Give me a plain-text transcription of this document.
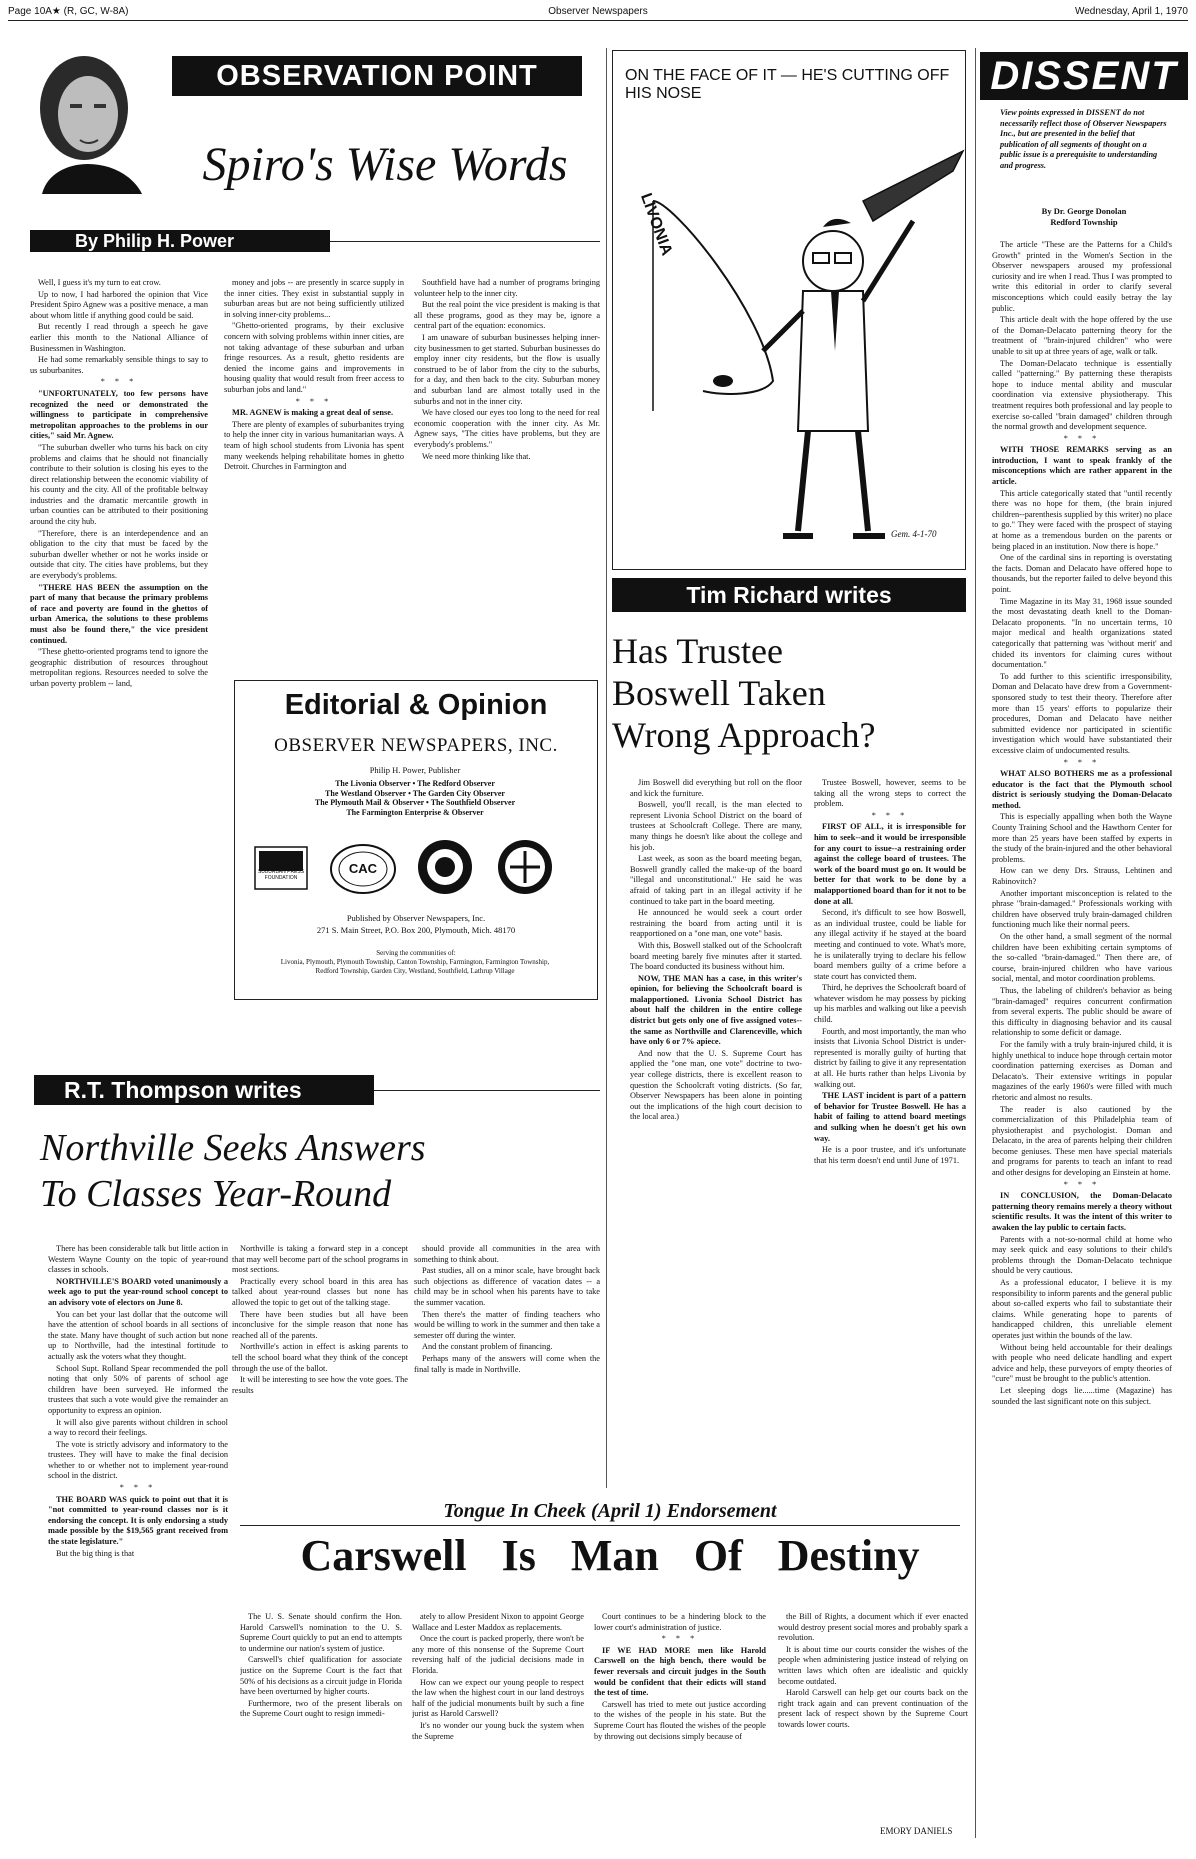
Page 10A★ (R, GC, W-8A)	Observer Newspapers	Wednesday, April 1, 1970
OBSERVATION POINT
Spiro's Wise Words
By Philip H. Power

Well, I guess it's my turn to eat crow.

Up to now, I had harbored the opinion that Vice President Spiro Agnew was a positive menace, a man about whom little if anything good could be said.

But recently I read through a speech he gave earlier this month to the National Alliance of Businessmen in Washington.

He had some remarkably sensible things to say to us suburbanites.

* * *

"UNFORTUNATELY, too few persons have recognized the need or demonstrated the willingness to participate in comprehensive metropolitan approaches to the problems in our cities," said Mr. Agnew.

"The suburban dweller who turns his back on city problems and claims that he should not financially contribute to their solution is closing his eyes to the direct relationship between the economic viability of his county and the city. All of the profitable beltway industries and the dramatic mercantile growth in urban counties can be attributed to their positioning around the city hub.

"Therefore, there is an interdependence and an obligation to the city that must be faced by the suburban dweller whether or not he works inside or outside that city. The cities have problems, but they are everybody's problems.

"THERE HAS BEEN the assumption on the part of many that because the primary problems of race and poverty are found in the ghettos of urban America, the solutions to these problems must also be found there," the vice president continued.

"These ghetto-oriented programs tend to ignore the geographic distribution of resources throughout metropolitan regions. Resources needed to solve the urban poverty problem -- land,

money and jobs -- are presently in scarce supply in the inner cities. They exist in substantial supply in suburban areas but are not being sufficiently utilized in solving inner-city problems...

"Ghetto-oriented programs, by their exclusive concern with solving problems within inner cities, are not taking advantage of these suburban and urban fringe resources. As a result, ghetto residents are denied the income gains and improvements in housing quality that would result from freer access to suburban jobs and land."

* * *

MR. AGNEW is making a great deal of sense.

There are plenty of examples of suburbanites trying to help the inner city in various humanitarian ways. A team of high school students from Livonia has spent many weekends helping rehabilitate homes in ghetto Detroit. Churches in Farmington and

Southfield have had a number of programs bringing volunteer help to the inner city.

But the real point the vice president is making is that all these programs, good as they may be, ignore a central part of the equation: economics.

I am unaware of suburban businesses helping inner-city businessmen to get started. Suburban businesses do employ inner city residents, but the flow is usually construed to be of labor from the city to the suburbs, for a day, and then back to the city. Suburban money and suburban land are almost totally used in the suburbs and not in the inner city.

We have closed our eyes too long to the need for real economic cooperation with the inner city. As Mr. Agnew says, "The cities have problems, but they are everybody's problems."

We need more thinking like that.

Editorial & Opinion
OBSERVER NEWSPAPERS, INC.
Philip H. Power, Publisher
The Livonia Observer • The Redford Observer
The Westland Observer • The Garden City Observer
The Plymouth Mail & Observer • The Southfield Observer
The Farmington Enterprise & Observer
SUBURBAN PRESS FOUNDATION
CAC
Published by Observer Newspapers, Inc.
271 S. Main Street, P.O. Box 200, Plymouth, Mich. 48170
Serving the communities of:
Livonia, Plymouth, Plymouth Township, Canton Township, Farmington, Farmington Township, Redford Township, Garden City, Westland, Southfield, Lathrup Village
ON THE FACE OF IT — HE'S CUTTING OFF HIS NOSE
LIVONIA
Gem. 4-1-70
Tim Richard writes
Has Trustee
Boswell Taken
Wrong Approach?

Jim Boswell did everything but roll on the floor and kick the furniture.

Boswell, you'll recall, is the man elected to represent Livonia School District on the board of trustees at Schoolcraft College. There are many, many things he doesn't like about the college and his job.

Last week, as soon as the board meeting began, Boswell grandly called the make-up of the board "illegal and unconstitutional." He said he was afraid of taking part in an illegal activity if he continued to take part in the board meeting.

He announced he would seek a court order restraining the board from acting until it is reapportioned on a "one man, one vote" basis.

With this, Boswell stalked out of the Schoolcraft board meeting barely five minutes after it started. The board conducted its business without him.

NOW, THE MAN has a case, in this writer's opinion, for believing the Schoolcraft board is malapportioned. Livonia School District has about half the children in the entire college district but gets only one of five assigned votes--the same as Northville and Clarenceville, which have only 6 or 7% apiece.

And now that the U. S. Supreme Court has applied the "one man, one vote" doctrine to two-year college districts, there is excellent reason to question the Schoolcraft voting districts. (So far, Observer Newspapers has been alone in pointing out the implications of the high court decision to the local area.)

Trustee Boswell, however, seems to be taking all the wrong steps to correct the problem.

* * *

FIRST OF ALL, it is irresponsible for him to seek--and it would be irresponsible for any court to issue--a restraining order against the college board of trustees. The work of the board must go on. It would be better for that work to be done by a malapportioned board than for it not to be done at all.

Second, it's difficult to see how Boswell, as an individual trustee, could be liable for any illegal activity if he stayed at the board meeting and continued to vote. What's more, he is unilaterally trying to declare his fellow board members guilty of a crime before a state court has convicted them.

Third, he deprives the Schoolcraft board of whatever wisdom he may possess by picking up his marbles and walking out like a peevish child.

Fourth, and most importantly, the man who insists that Livonia School District is under-represented is morally guilty of hurting that district by failing to give it any representation at all. He hurts rather than helps Livonia by walking out.

THE LAST incident is part of a pattern of behavior for Trustee Boswell. He has a habit of failing to attend board meetings and sulking when he doesn't get his own way.

He is a poor trustee, and it's unfortunate that his term doesn't end until June of 1971.

DISSENT
View points expressed in DISSENT do not necessarily reflect those of Observer Newspapers Inc., but are presented in the belief that publication of all segments of thought on a public issue is a prerequisite to understanding and progress.
By Dr. George Donolan
Redford Township

The article "These are the Patterns for a Child's Growth" printed in the Women's Section in the Observer newspapers aroused my professional curiosity and ire when I read. Thus I was prompted to write this editorial in order to clarify several misconceptions which could easily betray the lay public.

This article dealt with the hope offered by the use of the Doman-Delacato patterning theory for the treatment of "brain-injured children" who were unable to sit up at three years of age, walk or talk.

The Doman-Delacato technique is essentially called "patterning." By patterning these therapists hope to induce mental ability and muscular coordination via extensive physiotherapy. This treatment requires both professional and lay people to exercise so-called "brain damaged" children through the normal growth and development sequence.

* * *

WITH THOSE REMARKS serving as an introduction, I want to speak frankly of the misconceptions which are rather apparent in the article.

This article categorically stated that "until recently there was no hope for them, (the brain injured children--parenthesis supplied by this writer) no place to go." They were faced with the prospect of staying at home as a tremendous burden on the parents or being placed in an institution. Now there is hope."

One of the cardinal sins in reporting is overstating the facts. Doman and Delacato have offered hope to thousands, but the reporter failed to delve beyond this point.

Time Magazine in its May 31, 1968 issue sounded the most devastating death knell to the Doman-Delacato proponents. "In no uncertain terms, 10 major medical and health organizations stated categorically that patterning was 'without merit' and chided its inventors for claiming cures without documentation."

To add further to this scientific irresponsibility, Doman and Delacato have drew from a Government-sponsored study to test their theory. Therefore after more than 15 years' efforts to popularize their procedures, Doman and Delacato have neither submitted evidence nor participated in scientific investigation which would have substantiated their excessive claim of undocumented results.

* * *

WHAT ALSO BOTHERS me as a professional educator is the fact that the Plymouth school district is seriously studying the Doman-Delacato method.

This is especially appalling when both the Wayne County Training School and the Hawthorn Center for more than 25 years have been staffed by experts in the study of the brain-injured and the other behavioral problems.

How can we deny Drs. Strauss, Lehtinen and Rabinovitch?

Another important misconception is related to the phrase "brain-damaged." Professionals working with children have observed truly brain-damaged children functioning much like their normal peers.

On the other hand, a small segment of the normal children have been exhibiting certain symptoms of the so-called "brain-damaged." Then there are, of course, brain-injured children who have various social, mental, and motor coordination problems.

Thus, the labeling of children's behavior as being "brain-damaged" requires concurrent confirmation from several experts. The public should be aware of this difficulty in diagnosing behavior and its causal relationship to some deficit or damage.

For the family with a truly brain-injured child, it is highly unethical to induce hope through certain motor coordination patterning exercises as Doman and Delacato's. Their extensive writings in popular magazines of the early 1960's were filled with much rhetoric and almost no results.

The reader is also cautioned by the commercialization of this Philadelphia team of physiotherapist and psychologist. Doman and Delacato, in the area of parents helping their children become geniuses. These men have special materials and programs for parents to teach an infant to read and other designs for developing an Einstein at home.

* * *

IN CONCLUSION, the Doman-Delacato patterning theory remains merely a theory without scientific results. It was the intent of this writer to awaken the lay public to certain facts.

Parents with a not-so-normal child at home who may seek quick and easy solutions to their child's problems through the Doman-Delacato technique should be very cautious.

As a professional educator, I believe it is my responsibility to inform parents and the general public about so-called experts who fail to substantiate their claims. While generating hope to parents of handicapped children, this unreliable element operates just within the bounds of the law.

Without being held accountable for their dealings with people who need delicate handling and expert advice and help, these purveyors of empty theories of "cure" must be brought to the public's attention.

Let sleeping dogs lie......time (Magazine) has sounded the last significant note on this subject.

R.T. Thompson writes
Northville Seeks Answers
To Classes Year-Round

There has been considerable talk but little action in Western Wayne County on the topic of year-round classes in schools.

NORTHVILLE'S BOARD voted unanimously a week ago to put the year-round school concept to an advisory vote of electors on June 8.

You can bet your last dollar that the outcome will have the attention of school boards in all sections of the state. Many have thought of such action but none up to Northville, had the intestinal fortitude to actually ask the voters what they thought.

School Supt. Rolland Spear recommended the poll noting that only 50% of parents of school age children have been surveyed. He informed the trustees that such a vote would give the remainder an opportunity to express an opinion.

It will also give parents without children in school a way to record their feelings.

The vote is strictly advisory and informatory to the trustees. They will have to make the final decision whether to or whether not to implement year-round school in the district.

* * *

THE BOARD WAS quick to point out that it is "not committed to year-round classes nor is it endorsing the concept. It is only endorsing a study made possible by the $19,565 grant received from the state legislature."

But the big thing is that

Northville is taking a forward step in a concept that may well become part of the school programs in most sections.

Practically every school board in this area has talked about year-round classes but none has allowed the topic to get out of the talking stage.

There have been studies but all have been inconclusive for the simple reason that none has reached all of the parents.

Northville's action in effect is asking parents to tell the school board what they think of the concept through the use of the ballot.

It will be interesting to see how the vote goes. The results

should provide all communities in the area with something to think about.

Past studies, all on a minor scale, have brought back such objections as difference of vacation dates -- a child may be in school when his parents have to take the summer vacation.

Then there's the matter of finding teachers who would be willing to work in the summer and then take a semester off during the winter.

And the constant problem of financing.

Perhaps many of the answers will come when the final tally is made in Northville.

Tongue In Cheek (April 1) Endorsement
Carswell Is Man Of Destiny

The U. S. Senate should confirm the Hon. Harold Carswell's nomination to the U. S. Supreme Court quickly to put an end to attempts to undermine our nation's system of justice.

Carswell's chief qualification for associate justice on the Supreme Court is the fact that 50% of his decisions as a circuit judge in Florida have been overturned by higher courts.

Furthermore, two of the present liberals on the Supreme Court ought to resign immedi-

ately to allow President Nixon to appoint George Wallace and Lester Maddox as replacements.

Once the court is packed properly, there won't be any more of this nonsense of the Supreme Court reversing half of the judicial decisions made in Florida.

How can we expect our young people to respect the law when the highest court in our land destroys half of the judicial monuments built by such a fine jurist as Harold Carswell?

It's no wonder our young buck the system when the Supreme

Court continues to be a hindering block to the lower court's administration of justice.

* * *

IF WE HAD MORE men like Harold Carswell on the high bench, there would be fewer reversals and circuit judges in the South would be confident that their edicts will stand the test of time.

Carswell has tried to mete out justice according to the wishes of the people in his state. But the Supreme Court has flouted the wishes of the people by throwing out decisions simply because of

the Bill of Rights, a document which if ever enacted would destroy present social mores and probably spark a revolution.

It is about time our courts consider the wishes of the people when administering justice instead of relying on written laws which often are idealistic and quickly become outdated.

Harold Carswell can help get our courts back on the right track again and can prevent continuation of the present lack of respect shown by the Supreme Court towards lower courts.

EMORY DANIELS
